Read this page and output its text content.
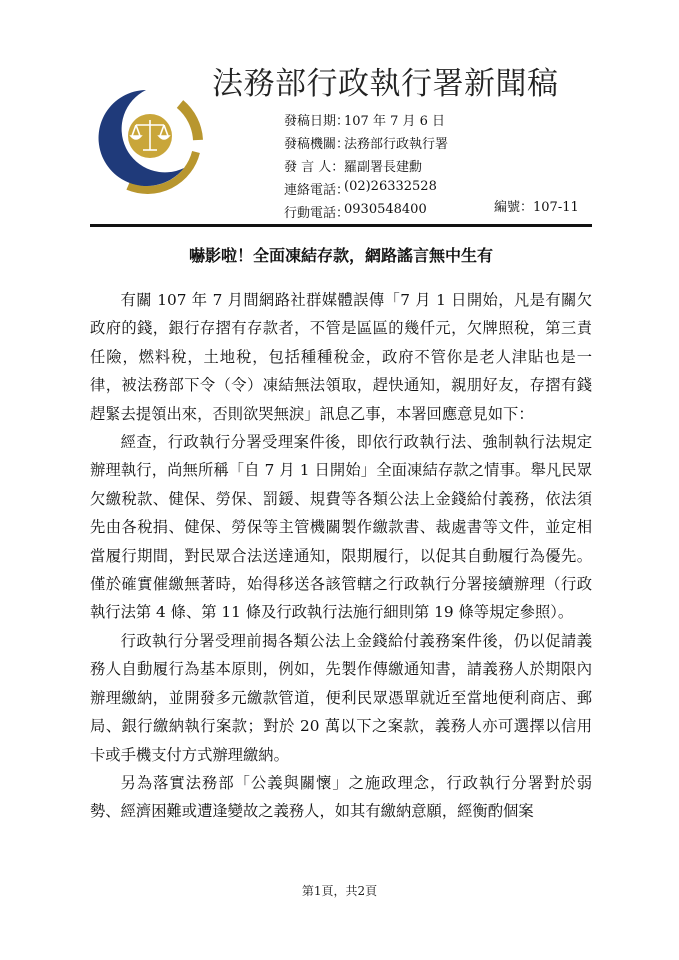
法務部行政執行署新聞稿
發稿日期：
107 年 7 月 6 日
發稿機關：
法務部行政執行署
發 言 人： 羅副署長建勳
連絡電話：
(02)26332528
行動電話：
0930548400	編號：107-11
嚇影啦！全面凍結存款，網路謠言無中生有

有關 107 年 7 月間網路社群媒體誤傳「7 月 1 日開始，凡是有關欠政府的錢，銀行存摺有存款者，不管是區區的幾仟元，欠牌照稅，第三責任險，燃料稅，土地稅，包括種種稅金，政府不管你是老人津貼也是一律，被法務部下令（令）凍結無法領取，趕快通知，親朋好友，存摺有錢趕緊去提領出來，否則欲哭無淚」訊息乙事，本署回應意見如下：

經查，行政執行分署受理案件後，即依行政執行法、強制執行法規定辦理執行，尚無所稱「自 7 月 1 日開始」全面凍結存款之情事。舉凡民眾欠繳稅款、健保、勞保、罰鍰、規費等各類公法上金錢給付義務，依法須先由各稅捐、健保、勞保等主管機關製作繳款書、裁處書等文件，並定相當履行期間，對民眾合法送達通知，限期履行，以促其自動履行為優先。僅於確實催繳無著時，始得移送各該管轄之行政執行分署接續辦理（行政執行法第 4 條、第 11 條及行政執行法施行細則第 19 條等規定參照）。

行政執行分署受理前揭各類公法上金錢給付義務案件後，仍以促請義務人自動履行為基本原則，例如，先製作傳繳通知書，請義務人於期限內辦理繳納，並開發多元繳款管道，便利民眾憑單就近至當地便利商店、郵局、銀行繳納執行案款；對於 20 萬以下之案款，義務人亦可選擇以信用卡或手機支付方式辦理繳納。

另為落實法務部「公義與關懷」之施政理念，行政執行分署對於弱勢、經濟困難或遭逢變故之義務人，如其有繳納意願，經衡酌個案

第1頁，共2頁
